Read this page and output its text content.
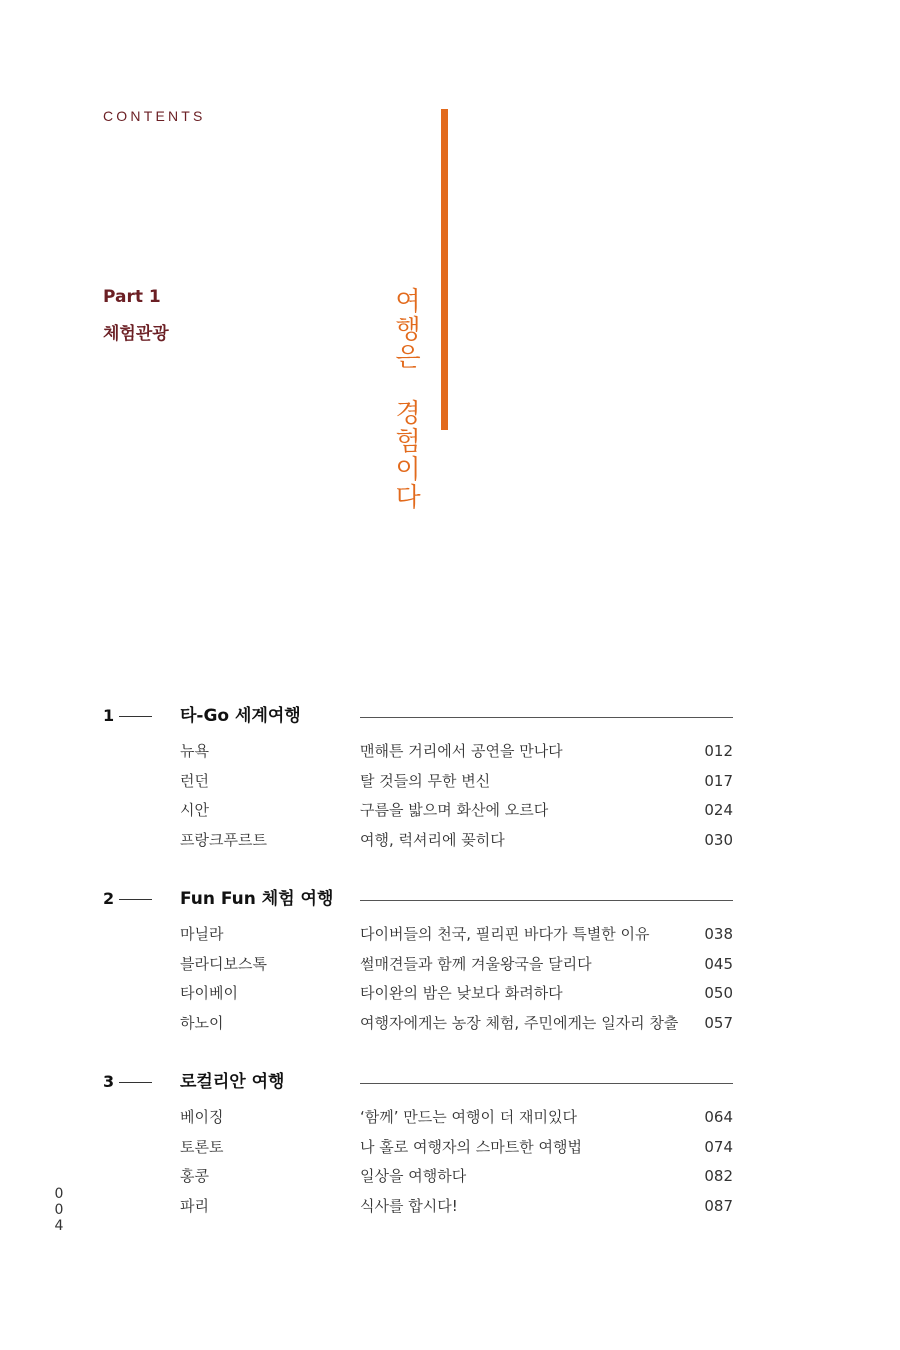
CONTENTS
Part 1
체험관광
여
행
은

경
험
이
다
1	타-Go 세계여행
뉴욕	맨해튼 거리에서 공연을 만나다	012
런던	탈 것들의 무한 변신	017
시안	구름을 밟으며 화산에 오르다	024
프랑크푸르트	여행, 럭셔리에 꽂히다	030
2	Fun Fun 체험 여행
마닐라	다이버들의 천국, 필리핀 바다가 특별한 이유	038
블라디보스톡	썰매견들과 함께 겨울왕국을 달리다	045
타이베이	타이완의 밤은 낮보다 화려하다	050
하노이	여행자에게는 농장 체험, 주민에게는 일자리 창출	057
3	로컬리안 여행
베이징	‘함께’ 만드는 여행이 더 재미있다	064
토론토	나 홀로 여행자의 스마트한 여행법	074
홍콩	일상을 여행하다	082
파리	식사를 합시다!	087
0
0
4
